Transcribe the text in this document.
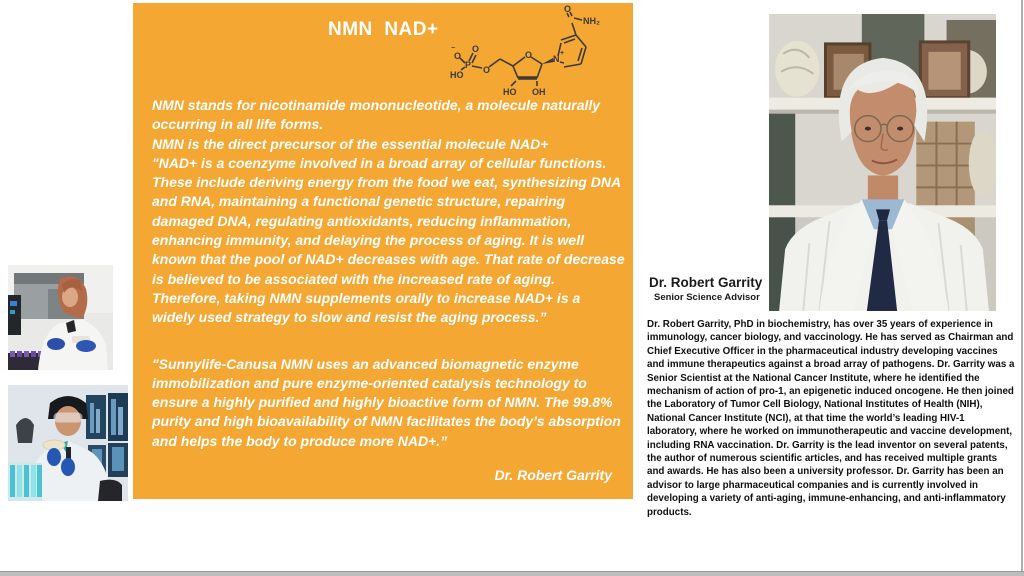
NMN  NAD+
−
O
P
O
HO O
O
HO OH
N
+
O
NH₂
NMN stands for nicotinamide mononucleotide, a molecule naturally occurring in all life forms.
NMN is the direct precursor of the essential molecule NAD+
"NAD+ is a coenzyme involved in a broad array of cellular functions. These include deriving energy from the food we eat, synthesizing DNA and RNA, maintaining a functional genetic structure, repairing damaged DNA, regulating antioxidants, reducing inflammation, enhancing immunity, and delaying the process of aging. It is well known that the pool of NAD+ decreases with age. That rate of decrease is believed to be associated with the increased rate of aging. Therefore, taking NMN supplements orally to increase NAD+ is a widely used strategy to slow and resist the aging process.”
"Sunnylife-Canusa NMN uses an advanced biomagnetic enzyme immobilization and pure enzyme-oriented catalysis technology to ensure a highly purified and highly bioactive form of NMN. The 99.8% purity and high bioavailability of NMN facilitates the body’s absorption and helps the body to produce more NAD+.”
Dr. Robert Garrity
Dr. Robert Garrity
Senior Science Advisor
Dr. Robert Garrity, PhD in biochemistry, has over 35 years of experience in immunology, cancer biology, and vaccinology. He has served as Chairman and Chief Executive Officer in the pharmaceutical industry developing vaccines and immune therapeutics against a broad array of pathogens. Dr. Garrity was a Senior Scientist at the National Cancer Institute, where he identified the mechanism of action of pro-1, an epigenetic induced oncogene. He then joined the Laboratory of Tumor Cell Biology, National Institutes of Health (NIH), National Cancer Institute (NCI), at that time the world’s leading HIV-1 laboratory, where he worked on immunotherapeutic and vaccine development, including RNA vaccination. Dr. Garrity is the lead inventor on several patents, the author of numerous scientific articles, and has received multiple grants and awards. He has also been a university professor. Dr. Garrity has been an advisor to large pharmaceutical companies and is currently involved in developing a variety of anti-aging, immune-enhancing, and anti-inflammatory products.
